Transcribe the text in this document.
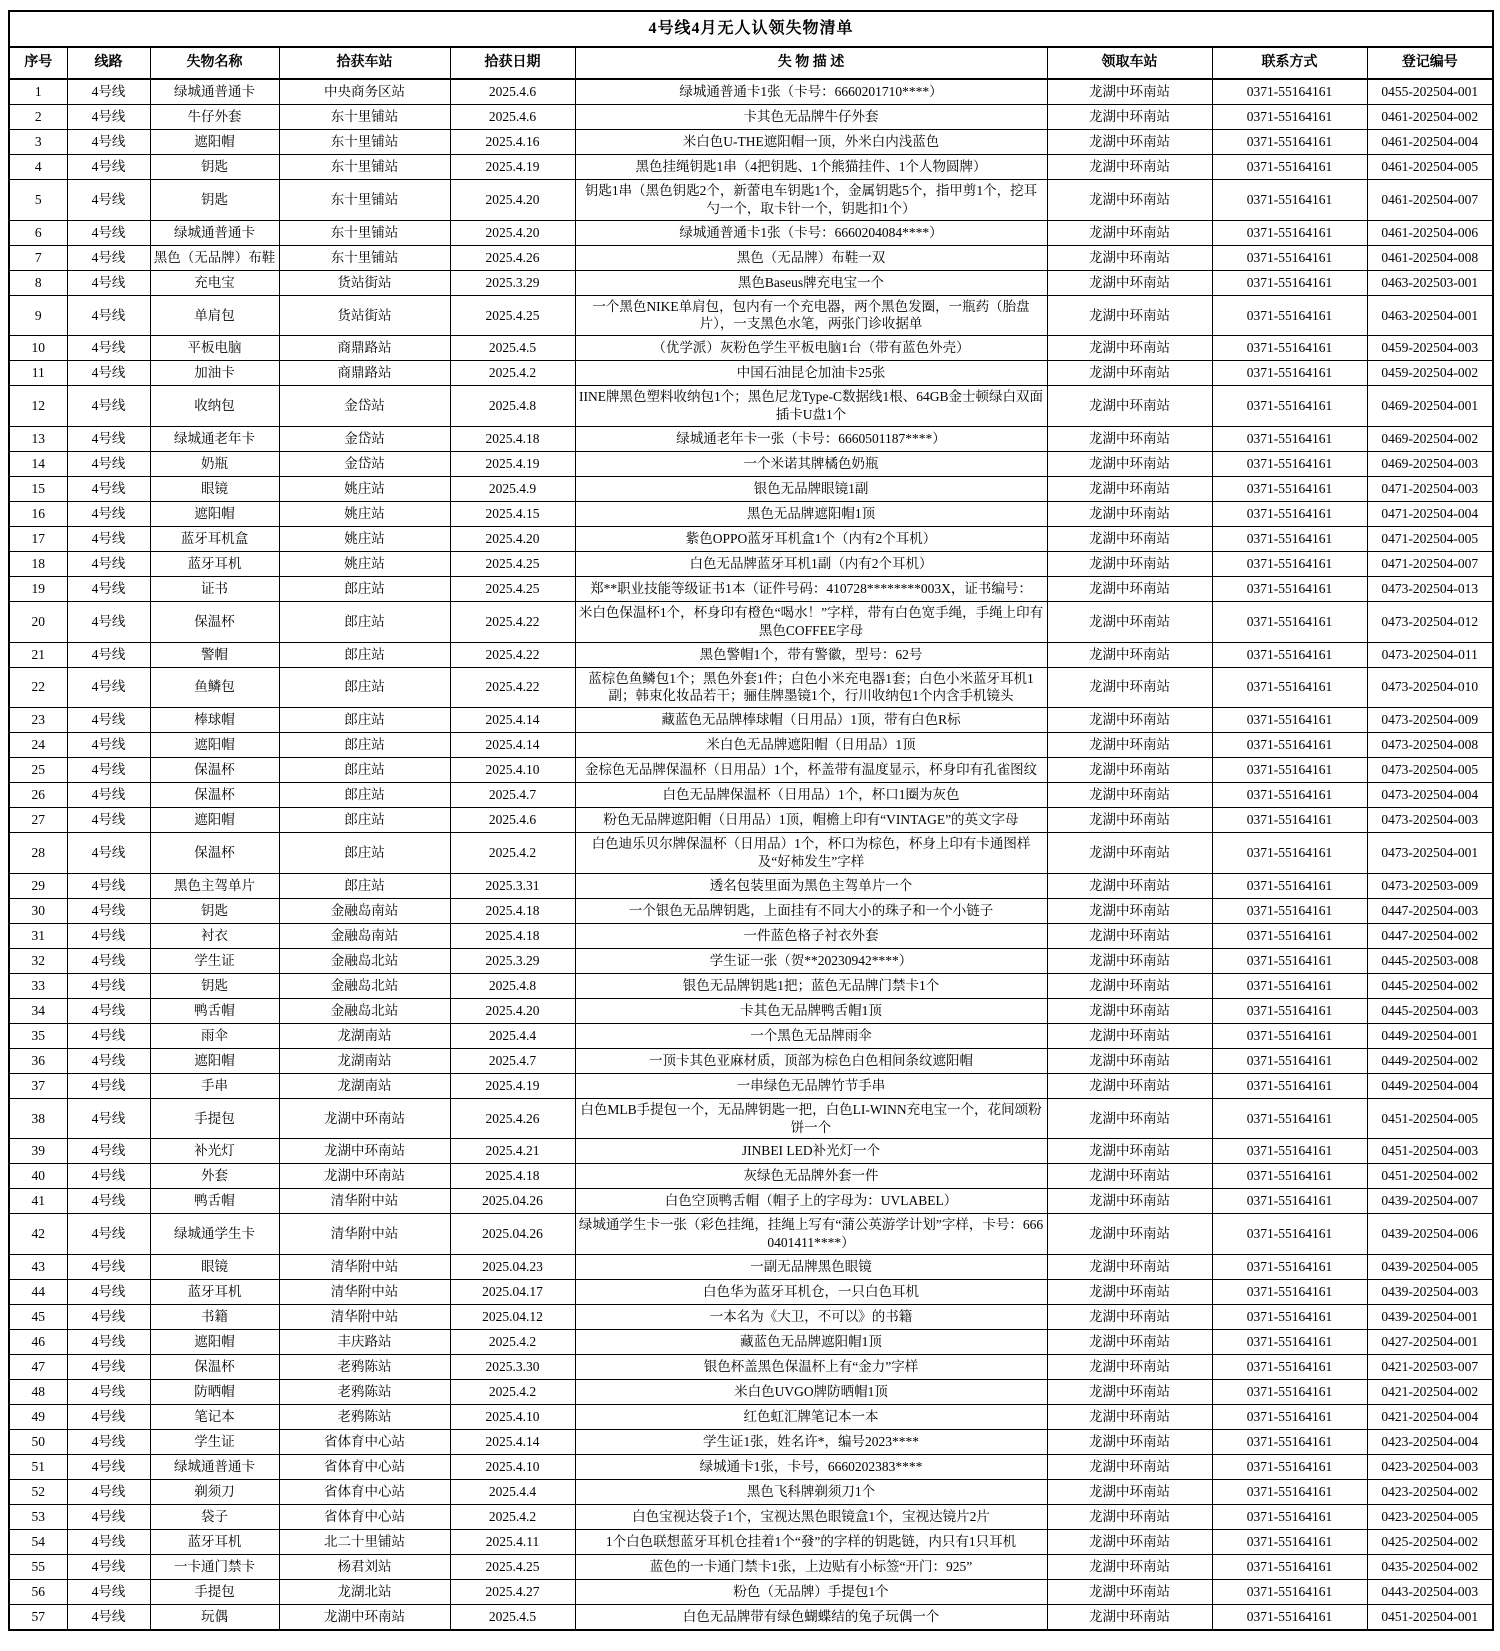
4号线4月无人认领失物清单								
序号	线路	失物名称	拾获车站	拾获日期	失 物 描 述	领取车站	联系方式	登记编号
1	4号线	绿城通普通卡	中央商务区站	2025.4.6	绿城通普通卡1张（卡号：6660201710****）	龙湖中环南站	0371-55164161	0455-202504-001
2	4号线	牛仔外套	东十里铺站	2025.4.6	卡其色无品牌牛仔外套	龙湖中环南站	0371-55164161	0461-202504-002
3	4号线	遮阳帽	东十里铺站	2025.4.16	米白色U-THE遮阳帽一顶，外米白内浅蓝色	龙湖中环南站	0371-55164161	0461-202504-004
4	4号线	钥匙	东十里铺站	2025.4.19	黑色挂绳钥匙1串（4把钥匙、1个熊猫挂件、1个人物圆牌）	龙湖中环南站	0371-55164161	0461-202504-005
5	4号线	钥匙	东十里铺站	2025.4.20	钥匙1串（黑色钥匙2个，新蕾电车钥匙1个，金属钥匙5个，指甲剪1个，挖耳勺一个，取卡针一个，钥匙扣1个）	龙湖中环南站	0371-55164161	0461-202504-007
6	4号线	绿城通普通卡	东十里铺站	2025.4.20	绿城通普通卡1张（卡号：6660204084****）	龙湖中环南站	0371-55164161	0461-202504-006
7	4号线	黑色（无品牌）布鞋	东十里铺站	2025.4.26	黑色（无品牌）布鞋一双	龙湖中环南站	0371-55164161	0461-202504-008
8	4号线	充电宝	货站街站	2025.3.29	黑色Baseus牌充电宝一个	龙湖中环南站	0371-55164161	0463-202503-001
9	4号线	单肩包	货站街站	2025.4.25	一个黑色NIKE单肩包，包内有一个充电器，两个黑色发圈，一瓶药（胎盘片），一支黑色水笔，两张门诊收据单	龙湖中环南站	0371-55164161	0463-202504-001
10	4号线	平板电脑	商鼎路站	2025.4.5	（优学派）灰粉色学生平板电脑1台（带有蓝色外壳）	龙湖中环南站	0371-55164161	0459-202504-003
11	4号线	加油卡	商鼎路站	2025.4.2	中国石油昆仑加油卡25张	龙湖中环南站	0371-55164161	0459-202504-002
12	4号线	收纳包	金岱站	2025.4.8	IINE牌黑色塑料收纳包1个；黑色尼龙Type-C数据线1根、64GB金士顿绿白双面插卡U盘1个	龙湖中环南站	0371-55164161	0469-202504-001
13	4号线	绿城通老年卡	金岱站	2025.4.18	绿城通老年卡一张（卡号：6660501187****）	龙湖中环南站	0371-55164161	0469-202504-002
14	4号线	奶瓶	金岱站	2025.4.19	一个米诺其牌橘色奶瓶	龙湖中环南站	0371-55164161	0469-202504-003
15	4号线	眼镜	姚庄站	2025.4.9	银色无品牌眼镜1副	龙湖中环南站	0371-55164161	0471-202504-003
16	4号线	遮阳帽	姚庄站	2025.4.15	黑色无品牌遮阳帽1顶	龙湖中环南站	0371-55164161	0471-202504-004
17	4号线	蓝牙耳机盒	姚庄站	2025.4.20	紫色OPPO蓝牙耳机盒1个（内有2个耳机）	龙湖中环南站	0371-55164161	0471-202504-005
18	4号线	蓝牙耳机	姚庄站	2025.4.25	白色无品牌蓝牙耳机1副（内有2个耳机）	龙湖中环南站	0371-55164161	0471-202504-007
19	4号线	证书	郎庄站	2025.4.25	郑**职业技能等级证书1本（证件号码：410728********003X，证书编号：	龙湖中环南站	0371-55164161	0473-202504-013
20	4号线	保温杯	郎庄站	2025.4.22	米白色保温杯1个，杯身印有橙色“喝水！”字样，带有白色宽手绳，手绳上印有黑色COFFEE字母	龙湖中环南站	0371-55164161	0473-202504-012
21	4号线	警帽	郎庄站	2025.4.22	黑色警帽1个，带有警徽，型号：62号	龙湖中环南站	0371-55164161	0473-202504-011
22	4号线	鱼鳞包	郎庄站	2025.4.22	蓝棕色鱼鳞包1个；黑色外套1件；白色小米充电器1套；白色小米蓝牙耳机1副；韩束化妆品若干；骊佳牌墨镜1个，行川收纳包1个内含手机镜头	龙湖中环南站	0371-55164161	0473-202504-010
23	4号线	棒球帽	郎庄站	2025.4.14	藏蓝色无品牌棒球帽（日用品）1顶，带有白色R标	龙湖中环南站	0371-55164161	0473-202504-009
24	4号线	遮阳帽	郎庄站	2025.4.14	米白色无品牌遮阳帽（日用品）1顶	龙湖中环南站	0371-55164161	0473-202504-008
25	4号线	保温杯	郎庄站	2025.4.10	金棕色无品牌保温杯（日用品）1个，杯盖带有温度显示，杯身印有孔雀图纹	龙湖中环南站	0371-55164161	0473-202504-005
26	4号线	保温杯	郎庄站	2025.4.7	白色无品牌保温杯（日用品）1个，杯口1圈为灰色	龙湖中环南站	0371-55164161	0473-202504-004
27	4号线	遮阳帽	郎庄站	2025.4.6	粉色无品牌遮阳帽（日用品）1顶，帽檐上印有“VINTAGE”的英文字母	龙湖中环南站	0371-55164161	0473-202504-003
28	4号线	保温杯	郎庄站	2025.4.2	白色迪乐贝尔牌保温杯（日用品）1个，杯口为棕色，杯身上印有卡通图样及“好柿发生”字样	龙湖中环南站	0371-55164161	0473-202504-001
29	4号线	黑色主驾单片	郎庄站	2025.3.31	透名包装里面为黑色主驾单片一个	龙湖中环南站	0371-55164161	0473-202503-009
30	4号线	钥匙	金融岛南站	2025.4.18	一个银色无品牌钥匙，上面挂有不同大小的珠子和一个小链子	龙湖中环南站	0371-55164161	0447-202504-003
31	4号线	衬衣	金融岛南站	2025.4.18	一件蓝色格子衬衣外套	龙湖中环南站	0371-55164161	0447-202504-002
32	4号线	学生证	金融岛北站	2025.3.29	学生证一张（贺**20230942****）	龙湖中环南站	0371-55164161	0445-202503-008
33	4号线	钥匙	金融岛北站	2025.4.8	银色无品牌钥匙1把；蓝色无品牌门禁卡1个	龙湖中环南站	0371-55164161	0445-202504-002
34	4号线	鸭舌帽	金融岛北站	2025.4.20	卡其色无品牌鸭舌帽1顶	龙湖中环南站	0371-55164161	0445-202504-003
35	4号线	雨伞	龙湖南站	2025.4.4	一个黑色无品牌雨伞	龙湖中环南站	0371-55164161	0449-202504-001
36	4号线	遮阳帽	龙湖南站	2025.4.7	一顶卡其色亚麻材质，顶部为棕色白色相间条纹遮阳帽	龙湖中环南站	0371-55164161	0449-202504-002
37	4号线	手串	龙湖南站	2025.4.19	一串绿色无品牌竹节手串	龙湖中环南站	0371-55164161	0449-202504-004
38	4号线	手提包	龙湖中环南站	2025.4.26	白色MLB手提包一个，无品牌钥匙一把，白色LI-WINN充电宝一个，花间颂粉饼一个	龙湖中环南站	0371-55164161	0451-202504-005
39	4号线	补光灯	龙湖中环南站	2025.4.21	JINBEI LED补光灯一个	龙湖中环南站	0371-55164161	0451-202504-003
40	4号线	外套	龙湖中环南站	2025.4.18	灰绿色无品牌外套一件	龙湖中环南站	0371-55164161	0451-202504-002
41	4号线	鸭舌帽	清华附中站	2025.04.26	白色空顶鸭舌帽（帽子上的字母为：UVLABEL）	龙湖中环南站	0371-55164161	0439-202504-007
42	4号线	绿城通学生卡	清华附中站	2025.04.26	绿城通学生卡一张（彩色挂绳，挂绳上写有“蒲公英游学计划”字样，卡号：6660401411****）	龙湖中环南站	0371-55164161	0439-202504-006
43	4号线	眼镜	清华附中站	2025.04.23	一副无品牌黑色眼镜	龙湖中环南站	0371-55164161	0439-202504-005
44	4号线	蓝牙耳机	清华附中站	2025.04.17	白色华为蓝牙耳机仓，一只白色耳机	龙湖中环南站	0371-55164161	0439-202504-003
45	4号线	书籍	清华附中站	2025.04.12	一本名为《大卫，不可以》的书籍	龙湖中环南站	0371-55164161	0439-202504-001
46	4号线	遮阳帽	丰庆路站	2025.4.2	藏蓝色无品牌遮阳帽1顶	龙湖中环南站	0371-55164161	0427-202504-001
47	4号线	保温杯	老鸦陈站	2025.3.30	银色杯盖黑色保温杯上有“金力”字样	龙湖中环南站	0371-55164161	0421-202503-007
48	4号线	防晒帽	老鸦陈站	2025.4.2	米白色UVGO牌防晒帽1顶	龙湖中环南站	0371-55164161	0421-202504-002
49	4号线	笔记本	老鸦陈站	2025.4.10	红色虹汇牌笔记本一本	龙湖中环南站	0371-55164161	0421-202504-004
50	4号线	学生证	省体育中心站	2025.4.14	学生证1张，姓名许*，编号2023****	龙湖中环南站	0371-55164161	0423-202504-004
51	4号线	绿城通普通卡	省体育中心站	2025.4.10	绿城通卡1张，卡号，6660202383****	龙湖中环南站	0371-55164161	0423-202504-003
52	4号线	剃须刀	省体育中心站	2025.4.4	黑色飞科牌剃须刀1个	龙湖中环南站	0371-55164161	0423-202504-002
53	4号线	袋子	省体育中心站	2025.4.2	白色宝视达袋子1个，宝视达黑色眼镜盒1个，宝视达镜片2片	龙湖中环南站	0371-55164161	0423-202504-005
54	4号线	蓝牙耳机	北二十里铺站	2025.4.11	1个白色联想蓝牙耳机仓挂着1个“發”的字样的钥匙链，内只有1只耳机	龙湖中环南站	0371-55164161	0425-202504-002
55	4号线	一卡通门禁卡	杨君刘站	2025.4.25	蓝色的一卡通门禁卡1张，上边贴有小标签“开门：925”	龙湖中环南站	0371-55164161	0435-202504-002
56	4号线	手提包	龙湖北站	2025.4.27	粉色（无品牌）手提包1个	龙湖中环南站	0371-55164161	0443-202504-003
57	4号线	玩偶	龙湖中环南站	2025.4.5	白色无品牌带有绿色蝴蝶结的兔子玩偶一个	龙湖中环南站	0371-55164161	0451-202504-001
